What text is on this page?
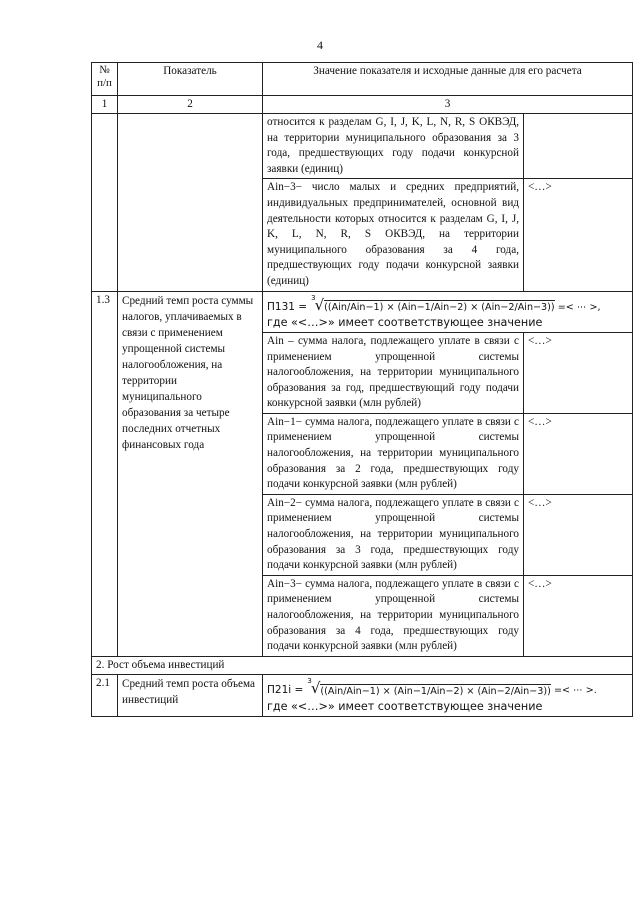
4
№ п/п	Показатель	Значение показателя и исходные данные для его расчета	
1	2	3	
		относится к разделам G, I, J, K, L, N, R, S ОКВЭД, на территории муниципального образования за 3 года, предшествующих году подачи конкурсной заявки (единиц)	
		Aіn−3− число малых и средних предприятий, индивидуальных предпринимателей, основной вид деятельности которых относится к разделам G, I, J, K, L, N, R, S ОКВЭД, на территории муниципального образования за 4 года, предшествующих году подачи конкурсной заявки (единиц)	<…>
1.3	Средний темп роста суммы налогов, уплачиваемых в связи с применением упрощенной системы налогообложения, на территории муниципального образования за четыре последних отчетных финансовых года	П131 = $^3$√((Aіn/Aіn−1) × (Aіn−1/Aіn−2) × (Aіn−2/Aіn−3)) =< ⋯ >,
где «<…>» имеет соответствующее значение	

		Aіn – сумма налога, подлежащего уплате в связи с применением упрощенной системы налогообложения, на территории муниципального образования за год, предшествующий году подачи конкурсной заявки (млн рублей)	<…>
		Aіn−1− сумма налога, подлежащего уплате в связи с применением упрощенной системы налогообложения, на территории муниципального образования за 2 года, предшествующих году подачи конкурсной заявки (млн рублей)	<…>
		Aіn−2− сумма налога, подлежащего уплате в связи с применением упрощенной системы налогообложения, на территории муниципального образования за 3 года, предшествующих году подачи конкурсной заявки (млн рублей)	<…>
		Aіn−3− сумма налога, подлежащего уплате в связи с применением упрощенной системы налогообложения, на территории муниципального образования за 4 года, предшествующих году подачи конкурсной заявки (млн рублей)	<…>
2. Рост объема инвестиций			
2.1	Средний темп роста объема инвестиций	П21і = $^3$√((Aіn/Aіn−1) × (Aіn−1/Aіn−2) × (Aіn−2/Aіn−3)) =< ⋯ >.
где «<…>» имеет соответствующее значение	
